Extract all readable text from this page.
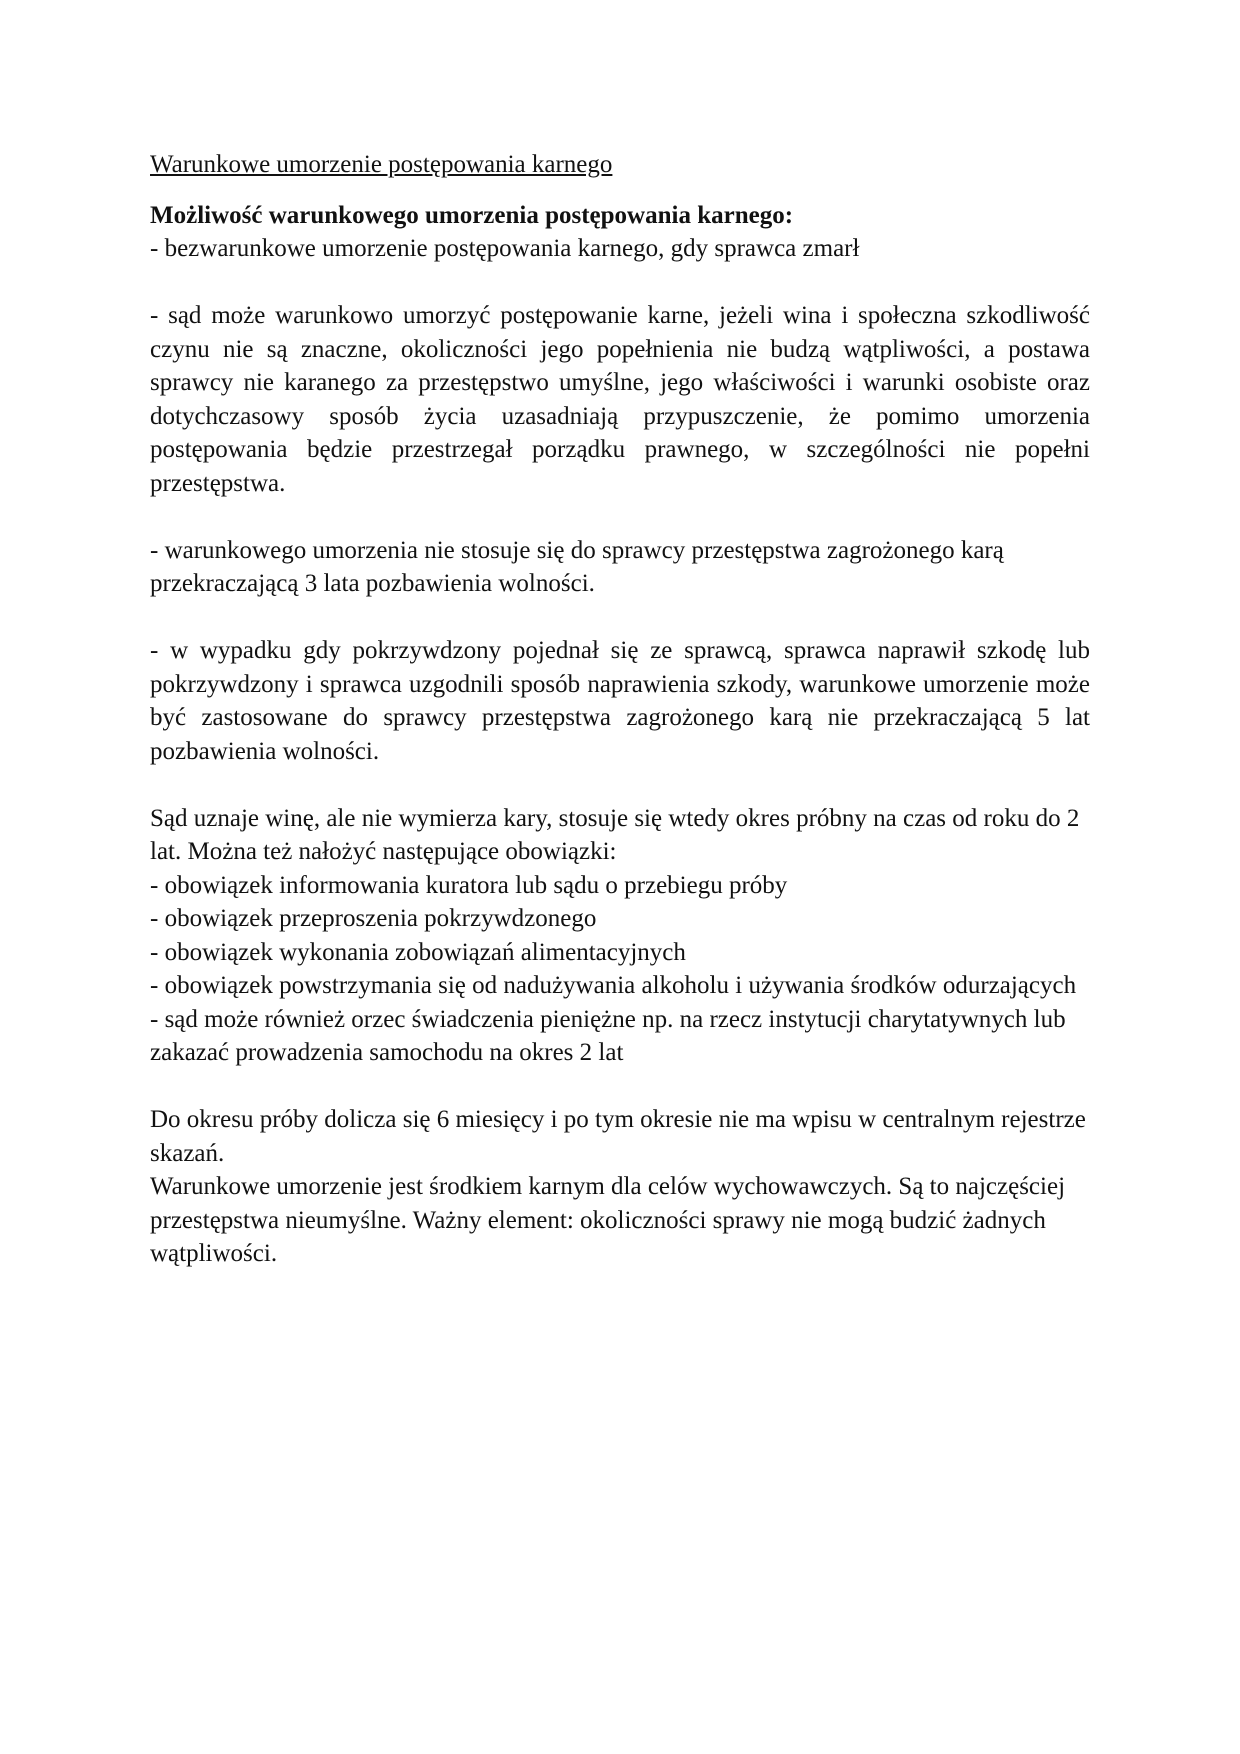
Warunkowe umorzenie postępowania karnego

Możliwość warunkowego umorzenia postępowania karnego:

- bezwarunkowe umorzenie postępowania karnego, gdy sprawca zmarł

- sąd może warunkowo umorzyć postępowanie karne, jeżeli wina i społeczna szkodliwość czynu nie są znaczne, okoliczności jego popełnienia nie budzą wątpliwości, a postawa sprawcy nie karanego za przestępstwo umyślne, jego właściwości i warunki osobiste oraz dotychczasowy sposób życia uzasadniają przypuszczenie, że pomimo umorzenia postępowania będzie przestrzegał porządku prawnego, w szczególności nie popełni przestępstwa.

- warunkowego umorzenia nie stosuje się do sprawcy przestępstwa zagrożonego karą przekraczającą 3 lata pozbawienia wolności.

- w wypadku gdy pokrzywdzony pojednał się ze sprawcą, sprawca naprawił szkodę lub pokrzywdzony i sprawca uzgodnili sposób naprawienia szkody, warunkowe umorzenie może być zastosowane do sprawcy przestępstwa zagrożonego karą nie przekraczającą 5 lat pozbawienia wolności.

Sąd uznaje winę, ale nie wymierza kary, stosuje się wtedy okres próbny na czas od roku do 2 lat. Można też nałożyć następujące obowiązki:

- obowiązek informowania kuratora lub sądu o przebiegu próby

- obowiązek przeproszenia pokrzywdzonego

- obowiązek wykonania zobowiązań alimentacyjnych

- obowiązek powstrzymania się od nadużywania alkoholu i używania środków odurzających

- sąd może również orzec świadczenia pieniężne np. na rzecz instytucji charytatywnych lub zakazać prowadzenia samochodu na okres 2 lat

Do okresu próby dolicza się 6 miesięcy i po tym okresie nie ma wpisu w centralnym rejestrze skazań.

Warunkowe umorzenie jest środkiem karnym dla celów wychowawczych. Są to najczęściej przestępstwa nieumyślne. Ważny element: okoliczności sprawy nie mogą budzić żadnych wątpliwości.
